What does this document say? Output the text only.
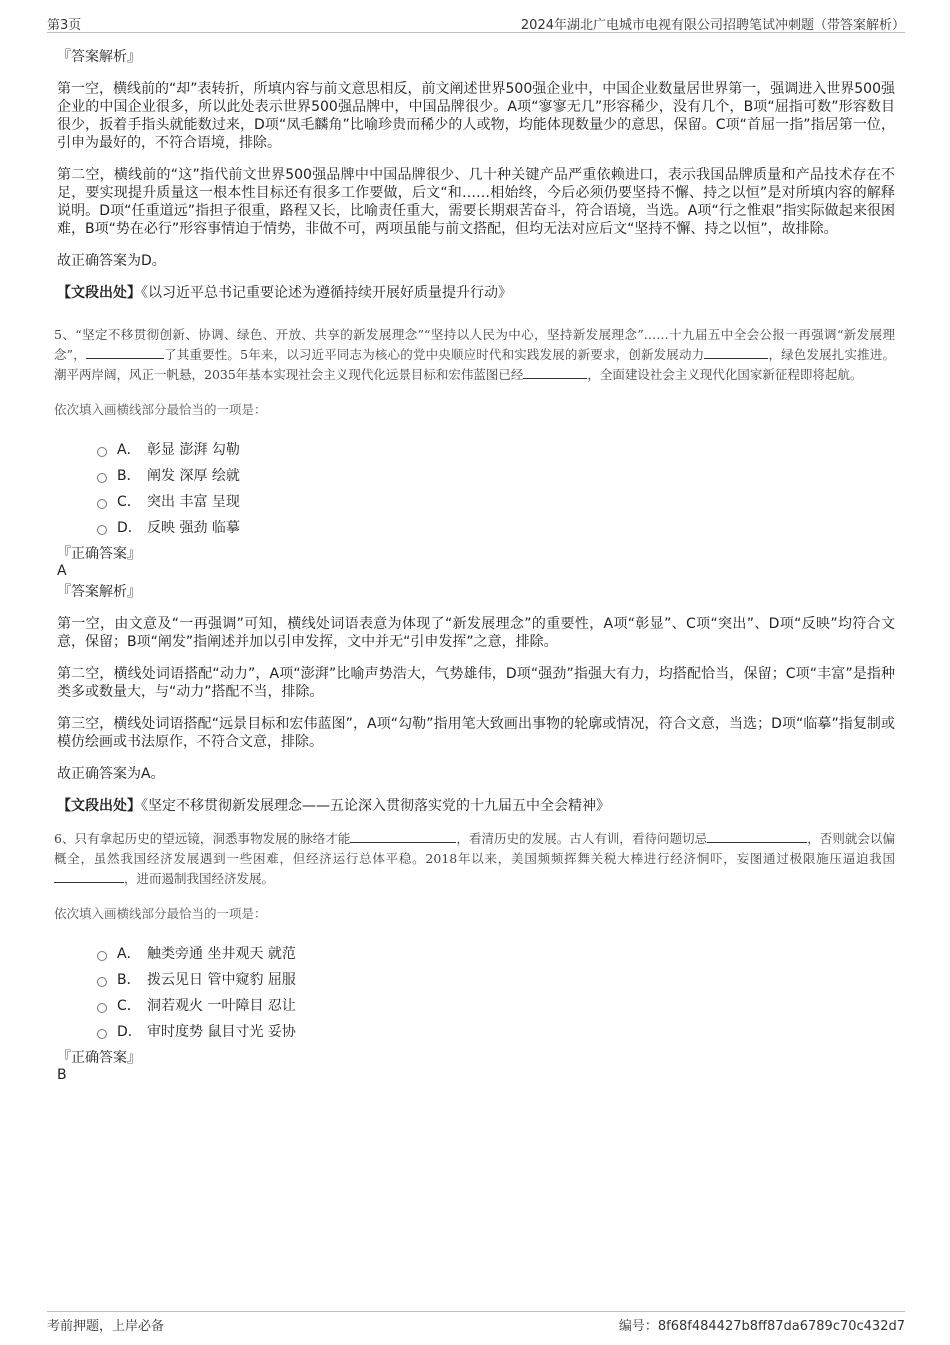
第3页	2024年湖北广电城市电视有限公司招聘笔试冲刺题（带答案解析）
『答案解析』

第一空，横线前的“却”表转折，所填内容与前文意思相反，前文阐述世界500强企业中，中国企业数量居世界第一，强调进入世界500强企业的中国企业很多，所以此处表示世界500强品牌中，中国品牌很少。A项“寥寥无几”形容稀少，没有几个，B项“屈指可数”形容数目很少，扳着手指头就能数过来，D项“凤毛麟角”比喻珍贵而稀少的人或物，均能体现数量少的意思，保留。C项“首屈一指”指居第一位，引申为最好的，不符合语境，排除。

第二空，横线前的“这”指代前文世界500强品牌中中国品牌很少、几十种关键产品严重依赖进口，表示我国品牌质量和产品技术存在不足，要实现提升质量这一根本性目标还有很多工作要做，后文“和……相始终，今后必须仍要坚持不懈、持之以恒”是对所填内容的解释说明。D项“任重道远”指担子很重，路程又长，比喻责任重大，需要长期艰苦奋斗，符合语境，当选。A项“行之惟艰”指实际做起来很困难，B项“势在必行”形容事情迫于情势，非做不可，两项虽能与前文搭配，但均无法对应后文“坚持不懈、持之以恒”，故排除。

故正确答案为D。

【文段出处】《以习近平总书记重要论述为遵循持续开展好质量提升行动》

5、“坚定不移贯彻创新、协调、绿色、开放、共享的新发展理念”“坚持以人民为中心，坚持新发展理念”……十九届五中全会公报一再强调“新发展理念”，	了其重要性。5年来，以习近平同志为核心的党中央顺应时代和实践发展的新要求，创新发展动力	，绿色发展扎实推进。潮平两岸阔，风正一帆悬，2035年基本实现社会主义现代化远景目标和宏伟蓝图已经	，全面建设社会主义现代化国家新征程即将起航。

依次填入画横线部分最恰当的一项是：

A． 彰显 澎湃 勾勒
B． 阐发 深厚 绘就
C． 突出 丰富 呈现
D． 反映 强劲 临摹
『正确答案』

A

『答案解析』

第一空，由文意及“一再强调”可知，横线处词语表意为体现了“新发展理念”的重要性，A项“彰显”、C项“突出”、D项“反映”均符合文意，保留；B项“阐发”指阐述并加以引申发挥，文中并无“引申发挥”之意，排除。

第二空，横线处词语搭配“动力”，A项“澎湃”比喻声势浩大，气势雄伟，D项“强劲”指强大有力，均搭配恰当，保留；C项“丰富”是指种类多或数量大，与“动力”搭配不当，排除。

第三空，横线处词语搭配“远景目标和宏伟蓝图”，A项“勾勒”指用笔大致画出事物的轮廓或情况，符合文意，当选；D项“临摹”指复制或模仿绘画或书法原作，不符合文意，排除。

故正确答案为A。

【文段出处】《坚定不移贯彻新发展理念——五论深入贯彻落实党的十九届五中全会精神》

6、只有拿起历史的望远镜，洞悉事物发展的脉络才能	，看清历史的发展。古人有训，看待问题切忌	，否则就会以偏概全，虽然我国经济发展遇到一些困难，但经济运行总体平稳。2018年以来，美国频频挥舞关税大棒进行经济恫吓，妄图通过极限施压逼迫我国，进而遏制我国经济发展。

依次填入画横线部分最恰当的一项是：

A． 触类旁通 坐井观天 就范
B． 拨云见日 管中窥豹 屈服
C． 洞若观火 一叶障目 忍让
D． 审时度势 鼠目寸光 妥协
『正确答案』

B

考前押题，上岸必备	编号：8f68f484427b8ff87da6789c70c432d7
